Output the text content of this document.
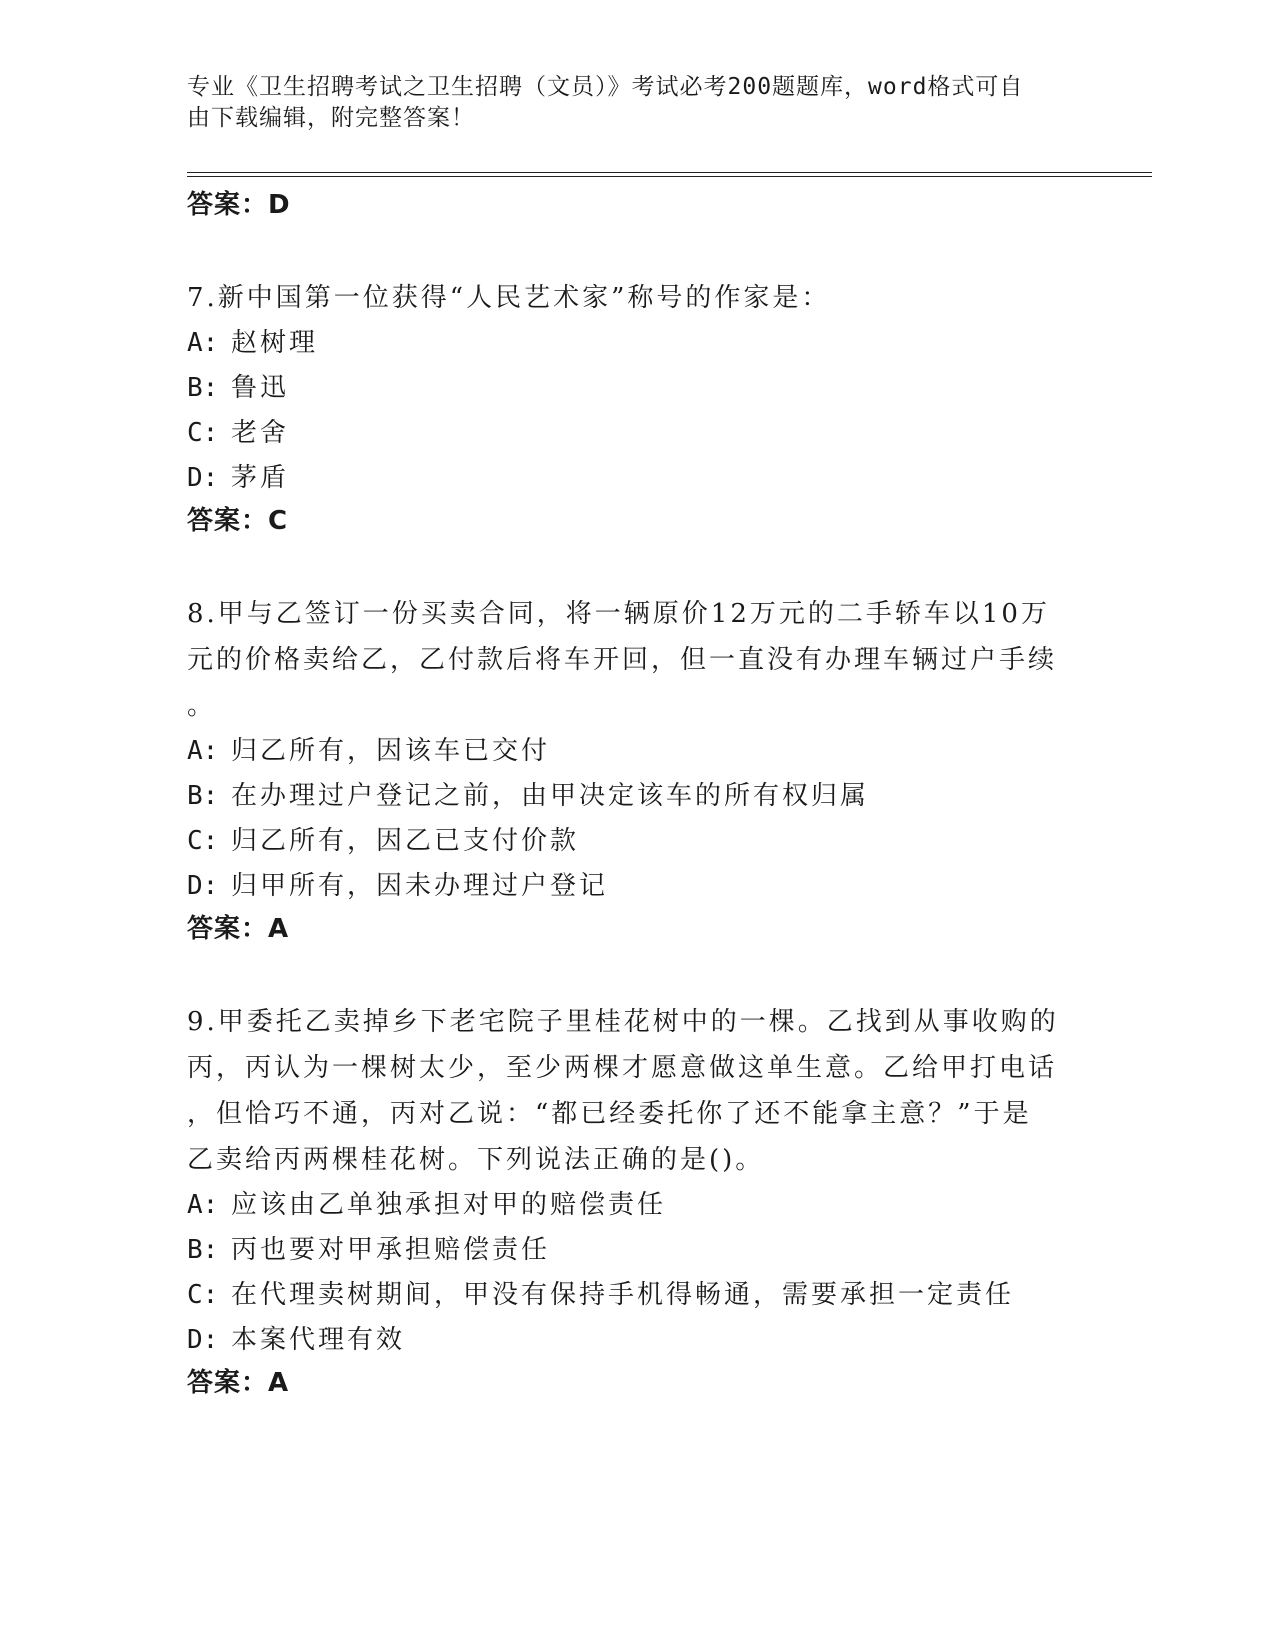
专业《卫生招聘考试之卫生招聘（文员）》考试必考200题题库，word格式可自
由下载编辑，附完整答案！
答案：D
7.新中国第一位获得“人民艺术家”称号的作家是：
A: 赵树理
B: 鲁迅
C: 老舍
D: 茅盾
答案：C
8.甲与乙签订一份买卖合同，将一辆原价12万元的二手轿车以10万
元的价格卖给乙，乙付款后将车开回，但一直没有办理车辆过户手续
。
A: 归乙所有，因该车已交付
B: 在办理过户登记之前，由甲决定该车的所有权归属
C: 归乙所有，因乙已支付价款
D: 归甲所有，因未办理过户登记
答案：A
9.甲委托乙卖掉乡下老宅院子里桂花树中的一棵。乙找到从事收购的
丙，丙认为一棵树太少，至少两棵才愿意做这单生意。乙给甲打电话
，但恰巧不通，丙对乙说：“都已经委托你了还不能拿主意？”于是
乙卖给丙两棵桂花树。下列说法正确的是()。
A: 应该由乙单独承担对甲的赔偿责任
B: 丙也要对甲承担赔偿责任
C: 在代理卖树期间，甲没有保持手机得畅通，需要承担一定责任
D: 本案代理有效
答案：A
